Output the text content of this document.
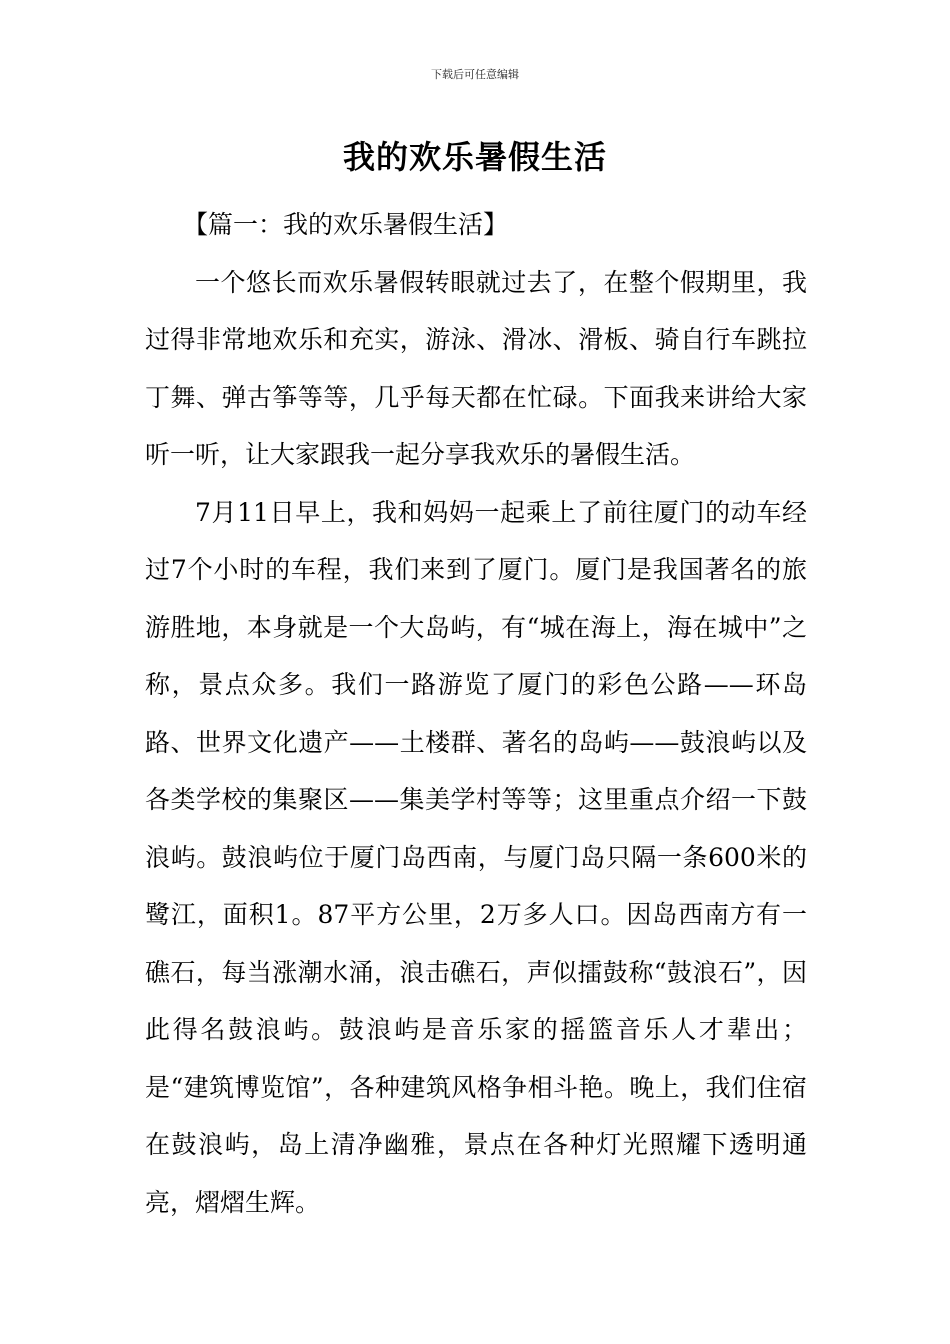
下载后可任意编辑
我的欢乐暑假生活
【篇一：我的欢乐暑假生活】

一个悠长而欢乐暑假转眼就过去了，在整个假期里，我过得非常地欢乐和充实，游泳、滑冰、滑板、骑自行车跳拉丁舞、弹古筝等等，几乎每天都在忙碌。下面我来讲给大家听一听，让大家跟我一起分享我欢乐的暑假生活。

7月11日早上，我和妈妈一起乘上了前往厦门的动车经过7个小时的车程，我们来到了厦门。厦门是我国著名的旅游胜地，本身就是一个大岛屿，有“城在海上，海在城中”之称，景点众多。我们一路游览了厦门的彩色公路——环岛路、世界文化遗产——土楼群、著名的岛屿——鼓浪屿以及各类学校的集聚区——集美学村等等；这里重点介绍一下鼓浪屿。鼓浪屿位于厦门岛西南，与厦门岛只隔一条600米的鹭江，面积1。87平方公里，2万多人口。因岛西南方有一礁石，每当涨潮水涌，浪击礁石，声似擂鼓称“鼓浪石”，因此得名鼓浪屿。鼓浪屿是音乐家的摇篮音乐人才辈出；是“建筑博览馆”，各种建筑风格争相斗艳。晚上，我们住宿在鼓浪屿，岛上清净幽雅，景点在各种灯光照耀下透明通亮，熠熠生辉。
